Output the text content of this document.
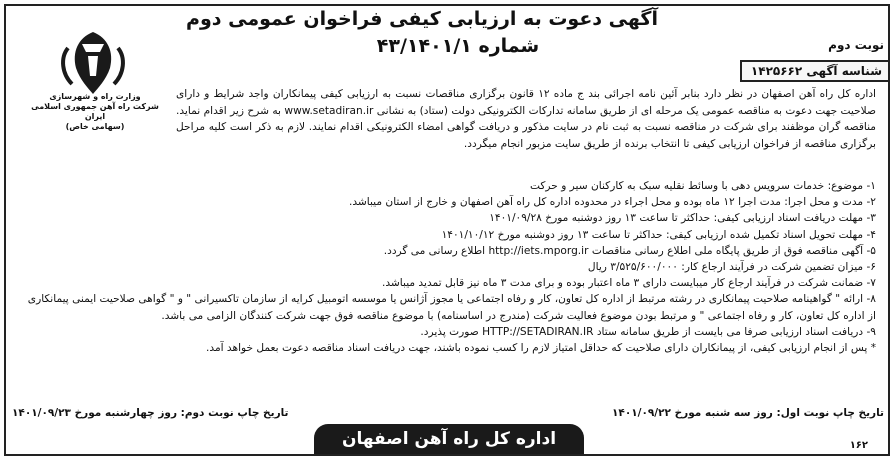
آگهی دعوت به ارزیابی کیفی فراخوان عمومی دوم
شماره ۴۳/۱۴۰۱/۱	نوبت دوم
شناسه آگهی ۱۴۲۵۶۶۲
وزارت راه و شهرسازی
شرکت راه آهن جمهوری اسلامی ایران
(سهامی خاص)

اداره کل راه آهن اصفهان در نظر دارد بنابر آئین نامه اجرائی بند ج ماده ۱۲ قانون برگزاری مناقصات نسبت به ارزیابی کیفی پیمانکاران واجد شرایط و دارای صلاحیت جهت دعوت به مناقصه عمومی یک مرحله ای از طریق سامانه تدارکات الکترونیکی دولت (ستاد) به نشانی www.setadiran.ir به شرح زیر اقدام نماید. مناقصه گران موظفند برای شرکت در مناقصه نسبت به ثبت نام در سایت مذکور و دریافت گواهی امضاء الکترونیکی اقدام نمایند. لازم به ذکر است کلیه مراحل برگزاری مناقصه از فراخوان ارزیابی کیفی تا انتخاب برنده از طریق سایت مزبور انجام میگردد.

۱- موضوع: خدمات سرویس دهی با وسائط نقلیه سبک به کارکنان سیر و حرکت
۲- مدت و محل اجرا: مدت اجرا ۱۲ ماه بوده و محل اجراء در محدوده اداره کل راه آهن اصفهان و خارج از استان میباشد.
۳- مهلت دریافت اسناد ارزیابی کیفی: حداکثر تا ساعت ۱۳ روز دوشنبه مورخ ۱۴۰۱/۰۹/۲۸
۴- مهلت تحویل اسناد تکمیل شده ارزیابی کیفی: حداکثر تا ساعت ۱۳ روز دوشنبه مورخ ۱۴۰۱/۱۰/۱۲
۵- آگهی مناقصه فوق از طریق پایگاه ملی اطلاع رسانی مناقصات http://iets.mporg.ir اطلاع رسانی می گردد.
۶- میزان تضمین شرکت در فرآیند ارجاع کار: ۳/۵۲۵/۶۰۰/۰۰۰ ریال
۷- ضمانت شرکت در فرآیند ارجاع کار میبایست دارای ۳ ماه اعتبار بوده و برای مدت ۳ ماه نیز قابل تمدید میباشد.
۸- ارائه " گواهینامه صلاحیت پیمانکاری در رشته مرتبط از اداره کل تعاون، کار و رفاه اجتماعی یا مجوز آژانس یا موسسه اتومبیل کرایه از سازمان تاکسیرانی " و " گواهی صلاحیت ایمنی پیمانکاری از اداره کل تعاون، کار و رفاه اجتماعی " و مرتبط بودن موضوع فعالیت شرکت (مندرج در اساسنامه) با موضوع مناقصه فوق جهت شرکت کنندگان الزامی می باشد.
۹- دریافت اسناد ارزیابی صرفا می بایست از طریق سامانه ستاد HTTP://SETADIRAN.IR صورت پذیرد.
* پس از انجام ارزیابی کیفی، از پیمانکاران دارای صلاحیت که حداقل امتیاز لازم را کسب نموده باشند، جهت دریافت اسناد مناقصه دعوت بعمل خواهد آمد.
تاریخ چاپ نوبت اول: روز سه شنبه مورخ ۱۴۰۱/۰۹/۲۲
تاریخ چاپ نوبت دوم: روز چهارشنبه مورخ ۱۴۰۱/۰۹/۲۳
اداره کل راه آهن اصفهان	۱۶۲
